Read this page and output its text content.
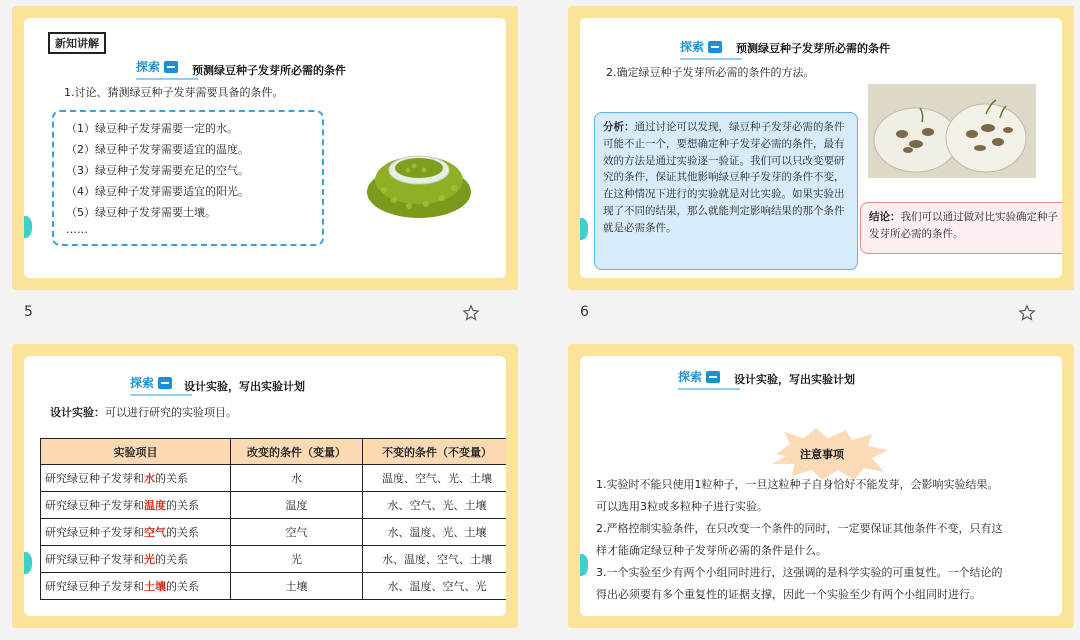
新知讲解
探索	预测绿豆种子发芽所必需的条件
1.讨论、猜测绿豆种子发芽需要具备的条件。
（1）绿豆种子发芽需要一定的水。
（2）绿豆种子发芽需要适宜的温度。
（3）绿豆种子发芽需要充足的空气。
（4）绿豆种子发芽需要适宜的阳光。
（5）绿豆种子发芽需要土壤。
……
5
探索	预测绿豆种子发芽所必需的条件
2.确定绿豆种子发芽所必需的条件的方法。
分析：通过讨论可以发现，绿豆种子发芽必需的条件可能不止一个，要想确定种子发芽必需的条件，最有效的方法是通过实验逐一验证。我们可以只改变要研究的条件，保证其他影响绿豆种子发芽的条件不变，在这种情况下进行的实验就是对比实验。如果实验出现了不同的结果，那么就能判定影响结果的那个条件就是必需条件。
结论：我们可以通过做对比实验确定种子发芽所必需的条件。
6
探索	设计实验，写出实验计划
设计实验：可以进行研究的实验项目。
实验项目	改变的条件（变量）	不变的条件（不变量）
研究绿豆种子发芽和水的关系	水	温度、空气、光、土壤
研究绿豆种子发芽和温度的关系	温度	水、空气、光、土壤
研究绿豆种子发芽和空气的关系	空气	水、温度、光、土壤
研究绿豆种子发芽和光的关系	光	水、温度、空气、土壤
研究绿豆种子发芽和土壤的关系	土壤	水、温度、空气、光
探索	设计实验，写出实验计划
注意事项
1.实验时不能只使用1粒种子，一旦这粒种子自身恰好不能发芽，会影响实验结果。
可以选用3粒或多粒种子进行实验。
2.严格控制实验条件，在只改变一个条件的同时，一定要保证其他条件不变，只有这
样才能确定绿豆种子发芽所必需的条件是什么。
3.一个实验至少有两个小组同时进行，这强调的是科学实验的可重复性。一个结论的
得出必须要有多个重复性的证据支撑，因此一个实验至少有两个小组同时进行。
